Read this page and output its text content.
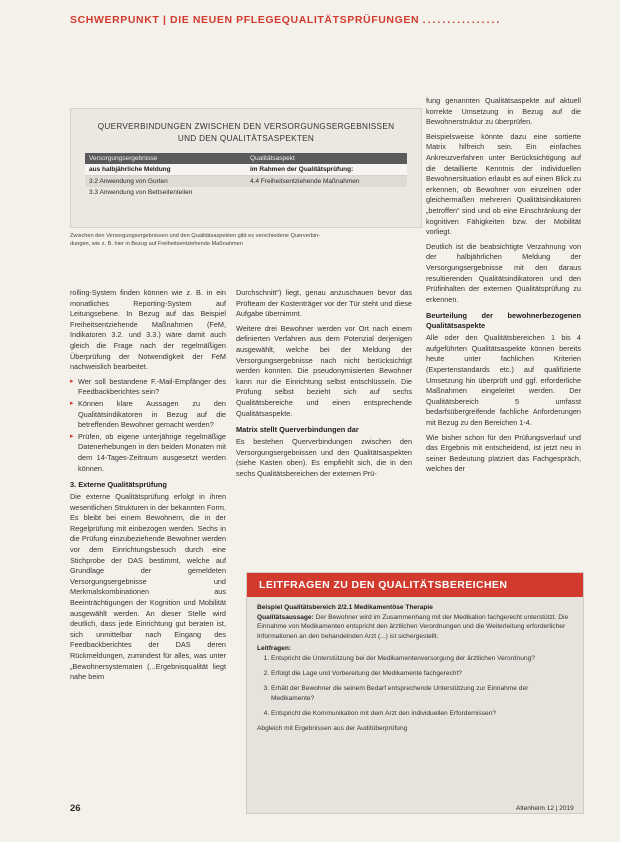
SCHWERPUNKT | DIE NEUEN PFLEGEQUALITÄTSPRÜFUNGEN ................
QUERVERBINDUNGEN ZWISCHEN DEN VERSORGUNGSERGEBNISSEN
UND DEN QUALITÄTSASPEKTEN
Versorgungsergebnisse	Qualitätsaspekt
aus halbjährliche Meldung	im Rahmen der Qualitätsprüfung:
3.2 Anwendung von Gurten	4.4 Freiheitsentziehende Maßnahmen
3.3 Anwendung von Bettseitenteilen
Zwischen den Versorgungsergebnissen und den Qualitätsaspekten gibt es verschiedene Querverbin-
dungen, wie z. B. hier in Bezug auf Freiheitsentziehende Maßnahmen

fung genannten Qualitätsaspekte auf aktuell korrekte Umsetzung in Bezug auf die Bewohnerstruktur zu überprüfen.

Beispielsweise könnte dazu eine sortierte Matrix hilfreich sein. Ein einfaches Ankreuzverfahren unter Berücksichtigung auf die detaillierte Kenntnis der individuellen Bewohnersituation erlaubt es auf einen Blick zu erkennen, ob Bewohner von einzelnen oder gleichermaßen mehreren Qualitätsindikatoren „betroffen“ sind und ob eine Einschränkung der kognitiven Fähigkeiten bzw. der Mobilität vorliegt.

Deutlich ist die beabsichtigte Verzahnung von der halbjährlichen Meldung der Versorgungsergebnisse mit den daraus resultierenden Qualitätsindikatoren und den Prüfinhalten der externen Qualitätsprüfung zu erkennen.

Beurteilung der bewohnerbezogenen Qualitätsaspekte

Alle oder den Qualitätsbereichen 1 bis 4 aufgeführten Qualitätsaspekte können bereits heute unter fachlichen Kriterien (Expertenstandards etc.) auf qualifizierte Umsetzung hin überprüft und ggf. erforderliche Maßnahmen eingeleitet werden. Der Qualitätsbereich 5 umfasst bedarfsübergreifende fachliche Anforderungen mit Bezug zu den Bereichen 1-4.

Wie bisher schon für den Prüfungsverlauf und das Ergebnis mit entscheidend, ist jetzt neu in seiner Bedeutung platziert das Fachgespräch, welches der

rolling-System finden können wie z. B. in ein monatliches Reporting-System auf Leitungsebene. In Bezug auf das Beispiel Freiheitsentziehende Maßnahmen (FeM, Indikatoren 3.2. und 3.3.) wäre damit auch gleich die Frage nach der regelmäßigen Überprüfung der Notwendigkeit der FeM nachweislich bearbeitet.

▸ Wer soll bestandene F.-Mail-Empfänger des Feedbackberichtes sein?
▸ Können klare Aussagen zu den Qualitätsindikatoren in Bezug auf die betreffenden Bewohner gemacht werden?
▸ Prüfen, ob eigene unterjährige regelmäßige Datenerhebungen in den beiden Monaten mit dem 14-Tages-Zeitraum ausgesetzt werden können.
3. Externe Qualitätsprüfung

Die externe Qualitätsprüfung erfolgt in ihren wesentlichen Strukturen in der bekannten Form. Es bleibt bei einem Bewohnern, die in der Regelprüfung mit einbezogen werden. Sechs in die Prüfung einzubeziehende Bewohner werden vor dem Einrichtungsbesuch durch eine Stichprobe der DAS bestimmt, welche auf Grundlage der gemeldeten Versorgungsergebnisse und Merkmalskombinationen aus Beeinträchtigungen der Kognition und Mobilität ausgewählt werden. An dieser Stelle wird deutlich, dass jede Einrichtung gut beraten ist, sich unmittelbar nach Eingang des Feedbackberichtes der DAS deren Rückmeldungen, zumindest für alles, was unter „Bewohnersystematen (...Ergebnisqualität liegt nahe beim

Durchschnitt“) liegt, genau anzuschauen bevor das Prüfteam der Kostenträger vor der Tür steht und diese Aufgabe übernimmt.

Weitere drei Bewohner werden vor Ort nach einem definierten Verfahren aus dem Potenzial derjenigen ausgewählt, welche bei der Meldung der Versorgungsergebnisse nach nicht berücksichtigt werden konnten. Die pseudonymisierten Bewohner kann nur die Einrichtung selbst entschlüsseln. Die Prüfung selbst bezieht sich auf sechs Qualitätsbereiche und einen entsprechende Qualitätsaspekte.

Matrix stellt Querverbindungen dar

Es bestehen Querverbindungen zwischen den Versorgungsergebnissen und den Qualitätsaspekten (siehe Kasten oben). Es empfiehlt sich, die in den sechs Qualitätsbereichen der externen Prü-

LEITFRAGEN ZU DEN QUALITÄTSBEREICHEN
Beispiel Qualitätsbereich 2/2.1 Medikamentöse Therapie
Qualitätsaussage: Der Bewohner wird im Zusammenhang mit der Medikation fachgerecht unterstützt. Die Einnahme von Medikamenten entspricht den ärztlichen Verordnungen und die Weiterleitung erforderlicher Informationen an den behandelnden Arzt (...) ist sichergestellt.
Leitfragen:
1. Entspricht die Unterstützung bei der Medikamentenversorgung der ärztlichen Verordnung?
2. Erfolgt die Lage und Vorbereitung der Medikamente fachgerecht?
3. Erhält der Bewohner die seinem Bedarf entsprechende Unterstützung zur Einnahme der Medikamente?
4. Entspricht die Kommunikation mit dem Arzt den individuellen Erfordernissen?
Abgleich mit Ergebnissen aus der Auditüberprüfung
26	Altenheim 12 | 2019
